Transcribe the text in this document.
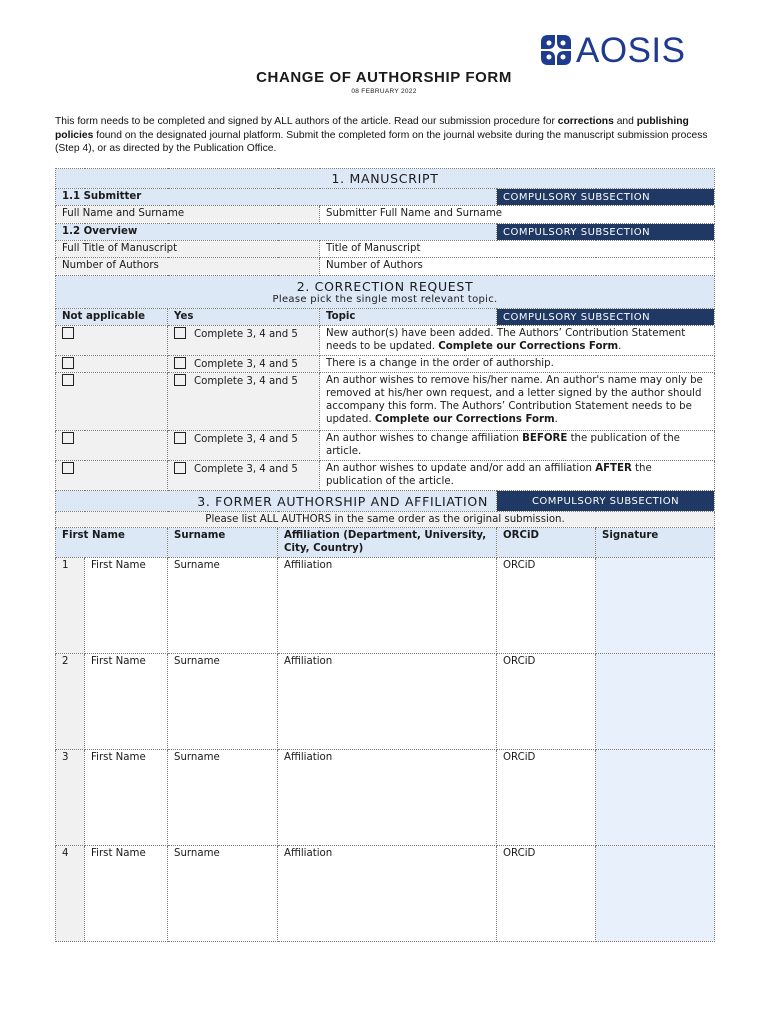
AOSIS
CHANGE OF AUTHORSHIP FORM
08 FEBRUARY 2022
This form needs to be completed and signed by ALL authors of the article. Read our submission procedure for corrections and publishing policies found on the designated journal platform. Submit the completed form on the journal website during the manuscript submission process (Step 4), or as directed by the Publication Office.
1. MANUSCRIPT						
1.1 Submitter					COMPULSORY SUBSECTION	
Full Name and Surname				Submitter Full Name and Surname		
1.2 Overview					COMPULSORY SUBSECTION	
Full Title of Manuscript				Title of Manuscript		
Number of Authors				Number of Authors		

2. CORRECTION REQUEST
Please pick the single most relevant topic.						

Not applicable		Yes		Topic	COMPULSORY SUBSECTION	
		Complete 3, 4 and 5		New author(s) have been added. The Authors’ Contribution Statement needs to be updated. Complete our Corrections Form.		
		Complete 3, 4 and 5		There is a change in the order of authorship.		
		Complete 3, 4 and 5		An author wishes to remove his/her name. An author's name may only be removed at his/her own request, and a letter signed by the author should accompany this form. The Authors’ Contribution Statement needs to be updated. Complete our Corrections Form.		
		Complete 3, 4 and 5		An author wishes to change affiliation BEFORE the publication of the article.		
		Complete 3, 4 and 5		An author wishes to update and/or add an affiliation AFTER the publication of the article.		
3. FORMER AUTHORSHIP AND AFFILIATION					COMPULSORY SUBSECTION	
Please list ALL AUTHORS in the same order as the original submission.						
First Name		Surname	Affiliation (Department, University, City, Country)		ORCiD	Signature
1	First Name	Surname	Affiliation		ORCiD	
2	First Name	Surname	Affiliation		ORCiD	
3	First Name	Surname	Affiliation		ORCiD	
4	First Name	Surname	Affiliation		ORCiD	
